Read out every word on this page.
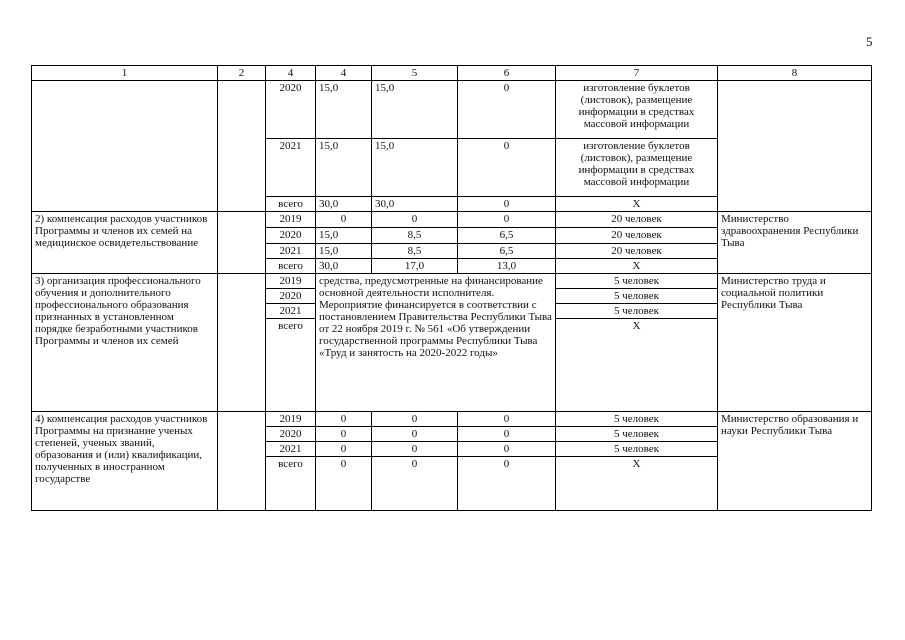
5
1	2	4	4	5	6	7	8
		2020	15,0	15,0	0	изготовление буклетов (листовок), размещение информации в средствах массовой информации	
		2021	15,0	15,0	0	изготовление буклетов (листовок), размещение информации в средствах массовой информации	
		всего	30,0	30,0	0	Х	
2) компенсация расходов участников Программы и членов их семей на медицинское освидетельствование		2019	0	0	0	20 человек	Министерство здравоохранения Республики Тыва
		2020	15,0	8,5	6,5	20 человек	
		2021	15,0	8,5	6,5	20 человек	
		всего	30,0	17,0	13,0	Х	
3) организация профессионального обучения и дополнительного профессионального образования признанных в установленном порядке безработными участников Программы и членов их семей		2019	средства, предусмотренные на финансирование основной деятельности исполнителя. Мероприятие финансируется в соответствии с постановлением Правительства Республики Тыва от 22 ноября 2019 г. № 561 «Об утверждении государственной программы Республики Тыва «Труд и занятость на 2020-2022 годы»			5 человек	Министерство труда и социальной политики Республики Тыва
		2020				5 человек	
		2021				5 человек	
		всего				Х	
4) компенсация расходов участников Программы на признание ученых степеней, ученых званий, образования и (или) квалификации, полученных в иностранном государстве		2019	0	0	0	5 человек	Министерство образования и науки Республики Тыва
		2020	0	0	0	5 человек	
		2021	0	0	0	5 человек	
		всего	0	0	0	Х	
